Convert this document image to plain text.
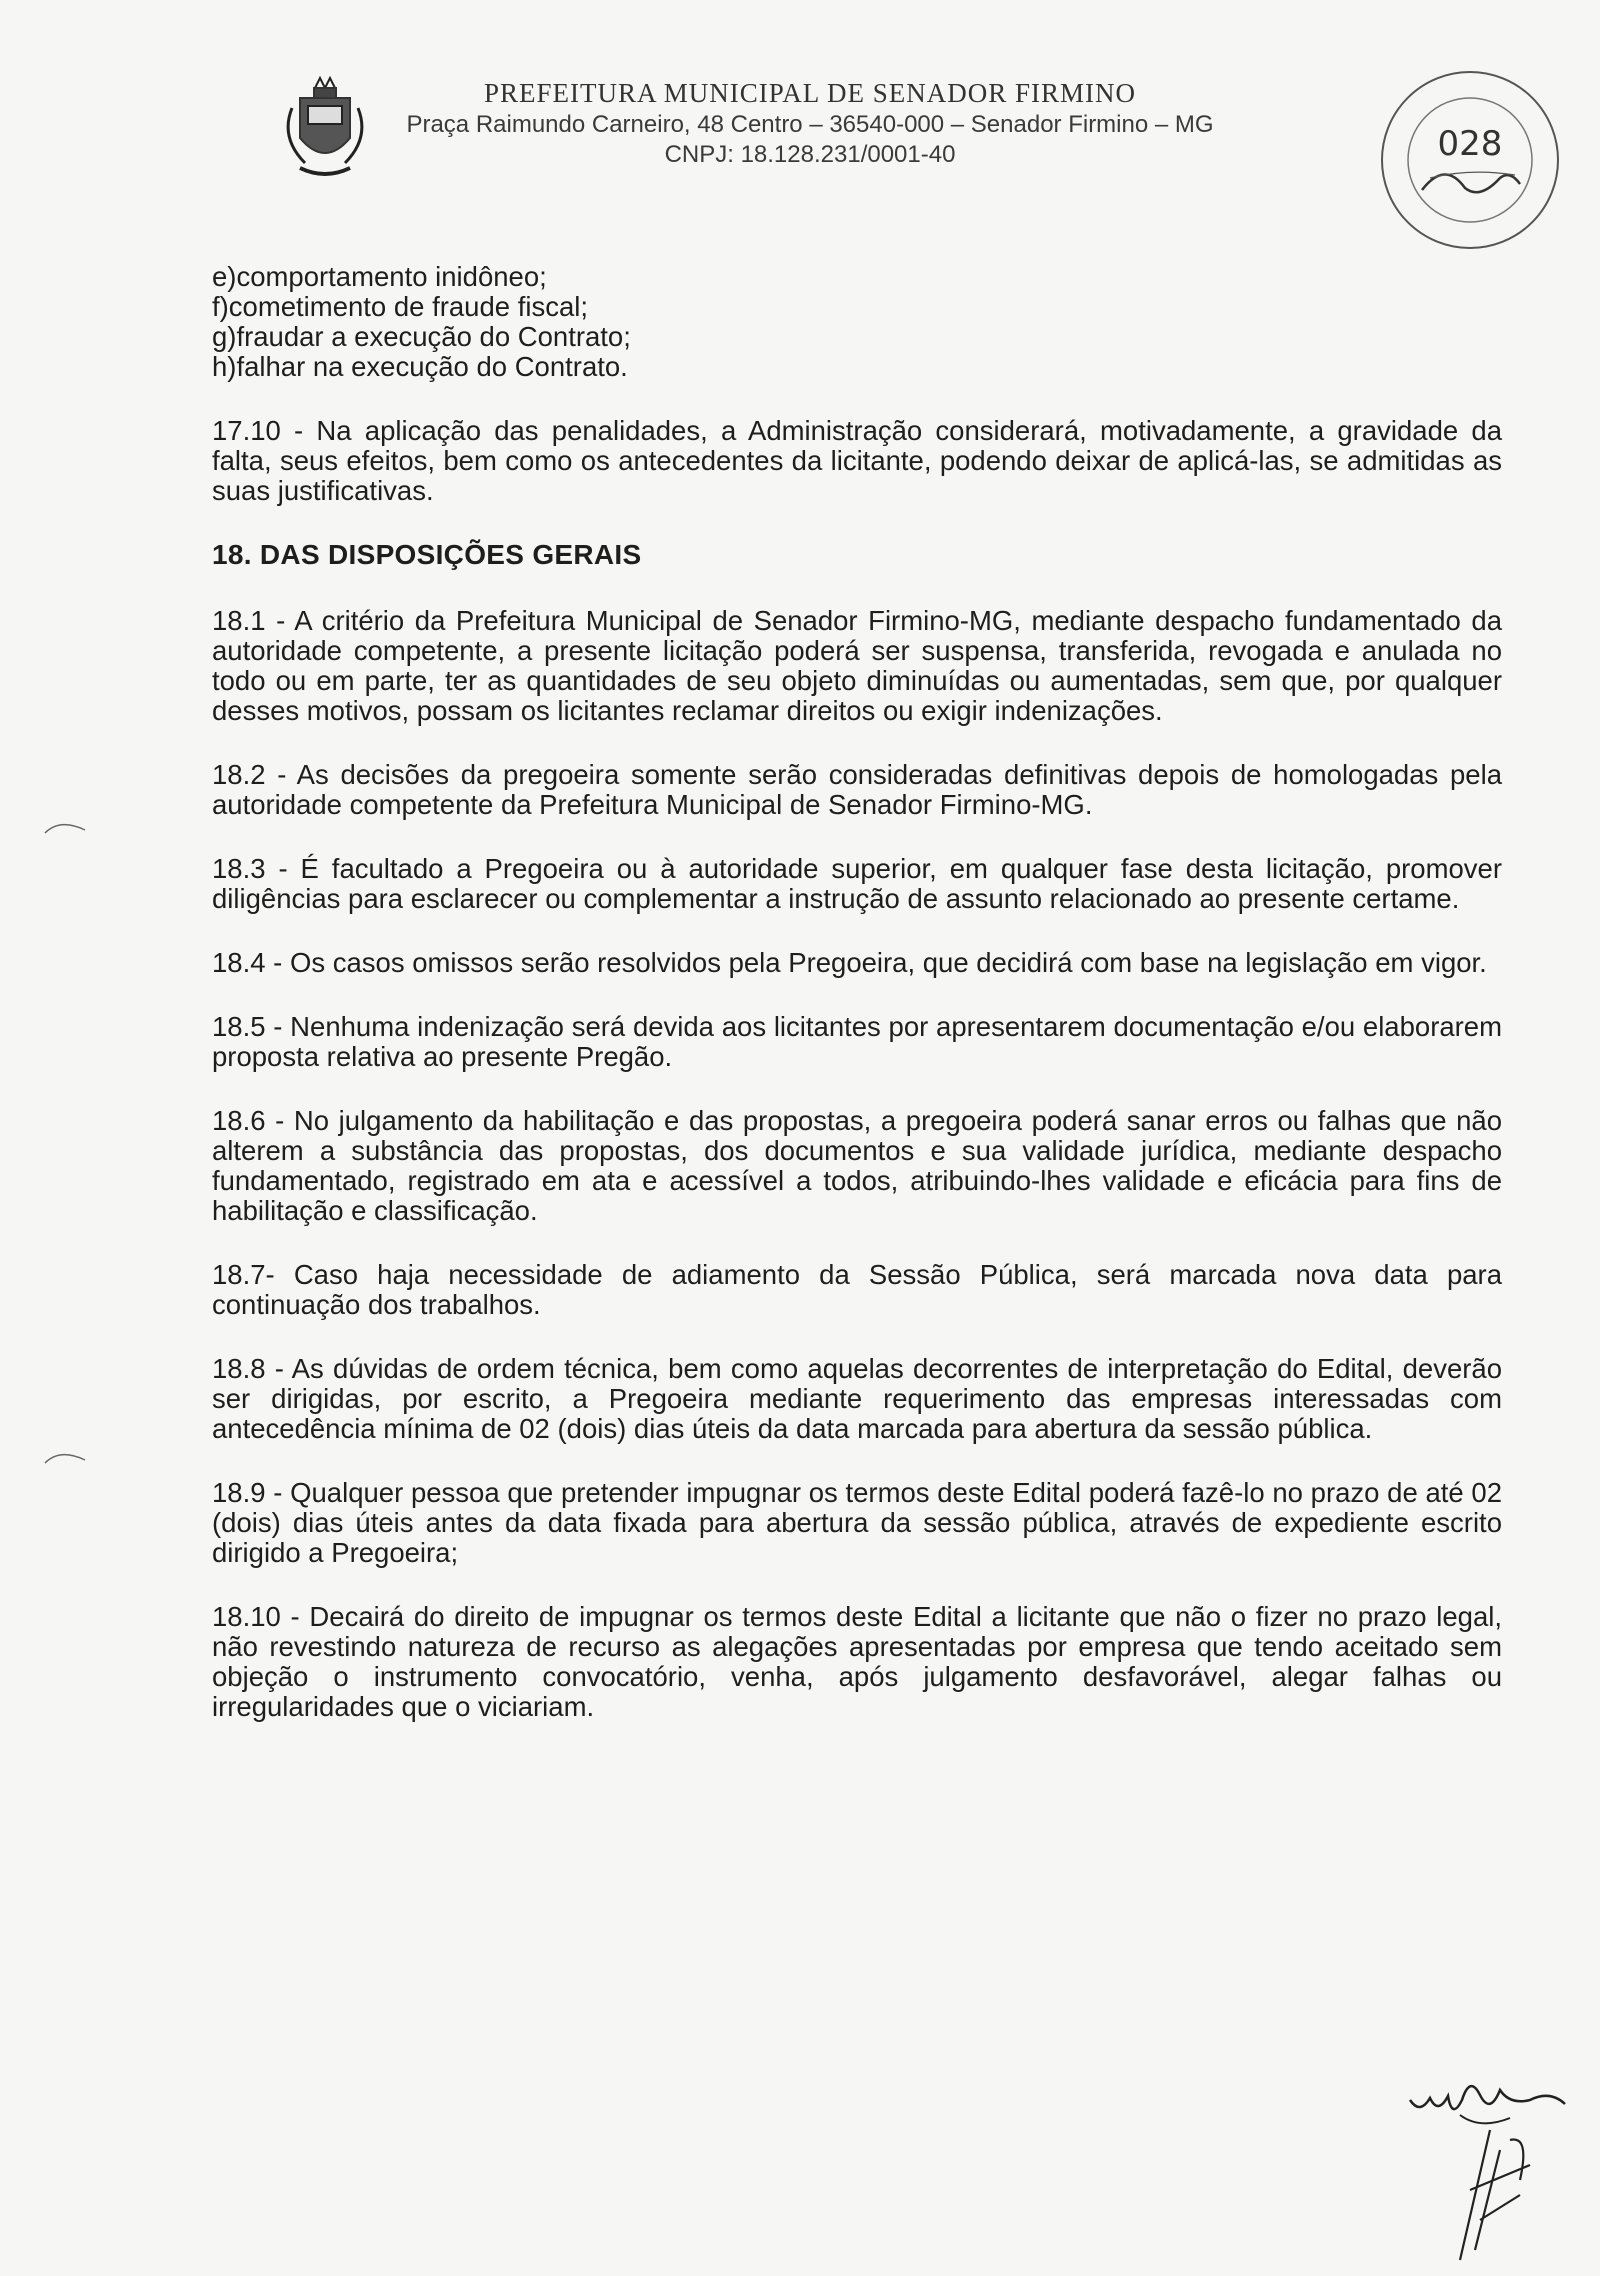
PREFEITURA MUNICIPAL DE SENADOR FIRMINO
Praça Raimundo Carneiro, 48 Centro – 36540-000 – Senador Firmino – MG
CNPJ: 18.128.231/0001-40	028

e)comportamento inidôneo;

f)cometimento de fraude fiscal;

g)fraudar a execução do Contrato;

h)falhar na execução do Contrato.

17.10 - Na aplicação das penalidades, a Administração considerará, motivadamente, a gravidade da falta, seus efeitos, bem como os antecedentes da licitante, podendo deixar de aplicá-las, se admitidas as suas justificativas.

18. DAS DISPOSIÇÕES GERAIS

18.1 - A critério da Prefeitura Municipal de Senador Firmino-MG, mediante despacho fundamentado da autoridade competente, a presente licitação poderá ser suspensa, transferida, revogada e anulada no todo ou em parte, ter as quantidades de seu objeto diminuídas ou aumentadas, sem que, por qualquer desses motivos, possam os licitantes reclamar direitos ou exigir indenizações.

18.2 - As decisões da pregoeira somente serão consideradas definitivas depois de homologadas pela autoridade competente da Prefeitura Municipal de Senador Firmino-MG.

18.3 - É facultado a Pregoeira ou à autoridade superior, em qualquer fase desta licitação, promover diligências para esclarecer ou complementar a instrução de assunto relacionado ao presente certame.

18.4 - Os casos omissos serão resolvidos pela Pregoeira, que decidirá com base na legislação em vigor.

18.5 - Nenhuma indenização será devida aos licitantes por apresentarem documentação e/ou elaborarem proposta relativa ao presente Pregão.

18.6 - No julgamento da habilitação e das propostas, a pregoeira poderá sanar erros ou falhas que não alterem a substância das propostas, dos documentos e sua validade jurídica, mediante despacho fundamentado, registrado em ata e acessível a todos, atribuindo-lhes validade e eficácia para fins de habilitação e classificação.

18.7- Caso haja necessidade de adiamento da Sessão Pública, será marcada nova data para continuação dos trabalhos.

18.8 - As dúvidas de ordem técnica, bem como aquelas decorrentes de interpretação do Edital, deverão ser dirigidas, por escrito, a Pregoeira mediante requerimento das empresas interessadas com antecedência mínima de 02 (dois) dias úteis da data marcada para abertura da sessão pública.

18.9 - Qualquer pessoa que pretender impugnar os termos deste Edital poderá fazê-lo no prazo de até 02 (dois) dias úteis antes da data fixada para abertura da sessão pública, através de expediente escrito dirigido a Pregoeira;

18.10 - Decairá do direito de impugnar os termos deste Edital a licitante que não o fizer no prazo legal, não revestindo natureza de recurso as alegações apresentadas por empresa que tendo aceitado sem objeção o instrumento convocatório, venha, após julgamento desfavorável, alegar falhas ou irregularidades que o viciariam.
